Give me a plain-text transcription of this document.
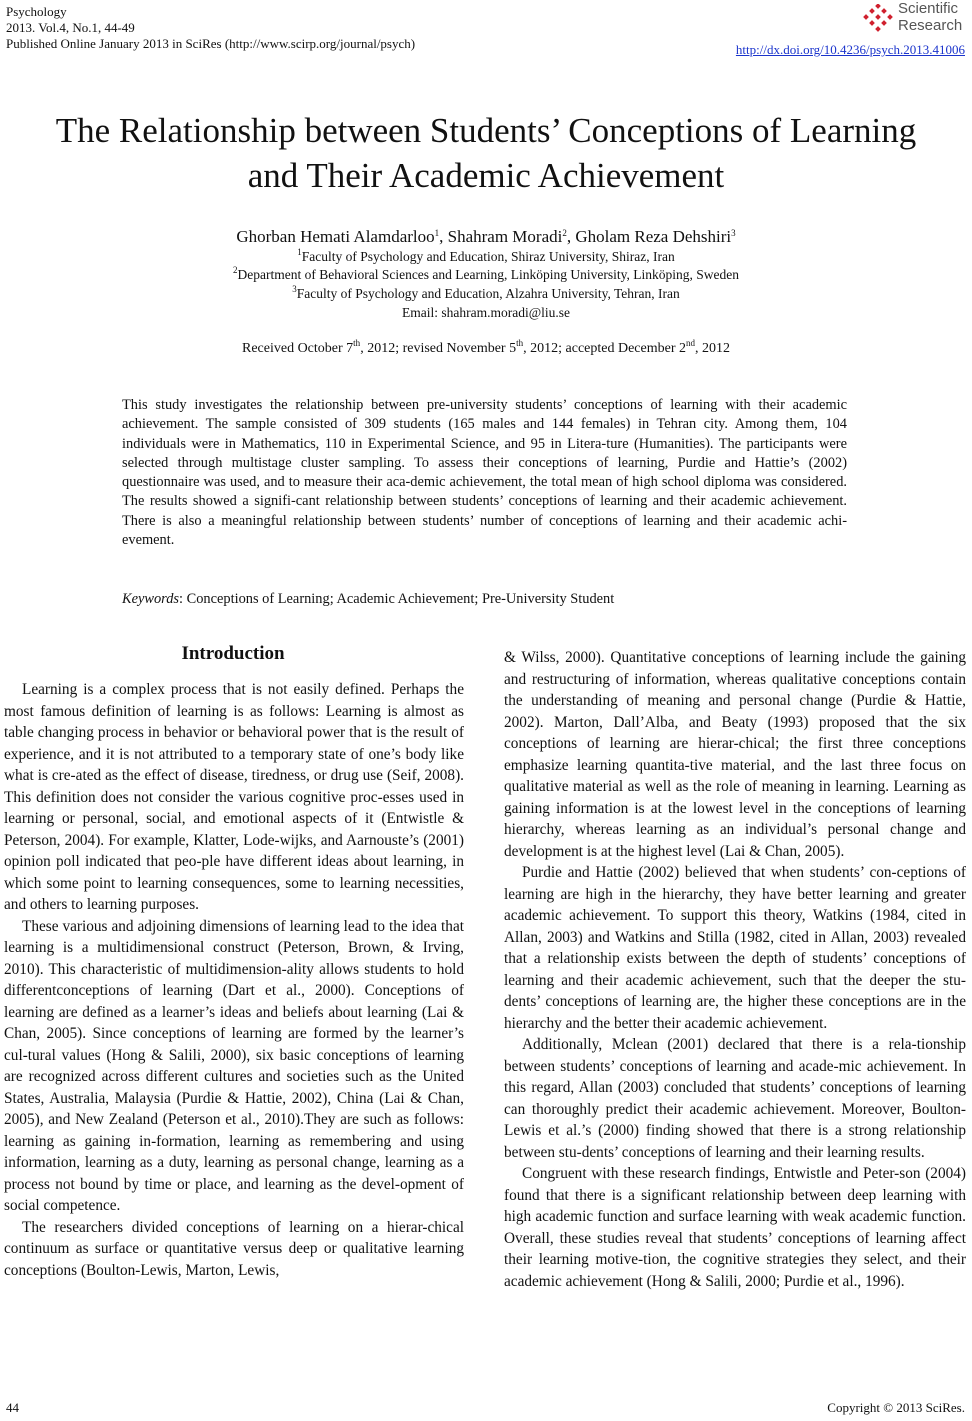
Psychology
2013. Vol.4, No.1, 44-49
Published Online January 2013 in SciRes (http://www.scirp.org/journal/psych)
Scientific
Research
http://dx.doi.org/10.4236/psych.2013.41006
The Relationship between Students’ Conceptions of Learning
and Their Academic Achievement
Ghorban Hemati Alamdarloo$^1$, Shahram Moradi$^2$, Gholam Reza Dehshiri$^3$
$^1$Faculty of Psychology and Education, Shiraz University, Shiraz, Iran
$^2$Department of Behavioral Sciences and Learning, Linköping University, Linköping, Sweden
$^3$Faculty of Psychology and Education, Alzahra University, Tehran, Iran
Email: shahram.moradi@liu.se
Received October 7th, 2012; revised November 5th, 2012; accepted December 2nd, 2012
This study investigates the relationship between pre-university students’ conceptions of learning with their academic achievement. The sample consisted of 309 students (165 males and 144 females) in Tehran city. Among them, 104 individuals were in Mathematics, 110 in Experimental Science, and 95 in Litera-ture (Humanities). The participants were selected through multistage cluster sampling. To assess their conceptions of learning, Purdie and Hattie’s (2002) questionnaire was used, and to measure their aca-demic achievement, the total mean of high school diploma was considered. The results showed a signifi-cant relationship between students’ conceptions of learning and their academic achievement. There is also a meaningful relationship between students’ number of conceptions of learning and their academic achi-evement.
Keywords: Conceptions of Learning; Academic Achievement; Pre-University Student
Introduction

Learning is a complex process that is not easily defined. Perhaps the most famous definition of learning is as follows: Learning is almost as table changing process in behavior or behavioral power that is the result of experience, and it is not attributed to a temporary state of one’s body like what is cre-ated as the effect of disease, tiredness, or drug use (Seif, 2008). This definition does not consider the various cognitive proc-esses used in learning or personal, social, and emotional aspects of it (Entwistle & Peterson, 2004). For example, Klatter, Lode-wijks, and Aarnouste’s (2001) opinion poll indicated that peo-ple have different ideas about learning, in which some point to learning consequences, some to learning necessities, and others to learning purposes.

These various and adjoining dimensions of learning lead to the idea that learning is a multidimensional construct (Peterson, Brown, & Irving, 2010). This characteristic of multidimension-ality allows students to hold differentconceptions of learning (Dart et al., 2000). Conceptions of learning are defined as a learner’s ideas and beliefs about learning (Lai & Chan, 2005). Since conceptions of learning are formed by the learner’s cul-tural values (Hong & Salili, 2000), six basic conceptions of learning are recognized across different cultures and societies such as the United States, Australia, Malaysia (Purdie & Hattie, 2002), China (Lai & Chan, 2005), and New Zealand (Peterson et al., 2010).They are such as follows: learning as gaining in-formation, learning as remembering and using information, learning as a duty, learning as personal change, learning as a process not bound by time or place, and learning as the devel-opment of social competence.

The researchers divided conceptions of learning on a hierar-chical continuum as surface or quantitative versus deep or qualitative learning conceptions (Boulton-Lewis, Marton, Lewis,

& Wilss, 2000). Quantitative conceptions of learning include the gaining and restructuring of information, whereas qualitative conceptions contain the understanding of meaning and personal change (Purdie & Hattie, 2002). Marton, Dall’Alba, and Beaty (1993) proposed that the six conceptions of learning are hierar-chical; the first three conceptions emphasize learning quantita-tive material, and the last three focus on qualitative material as well as the role of meaning in learning. Learning as gaining information is at the lowest level in the conceptions of learning hierarchy, whereas learning as an individual’s personal change and development is at the highest level (Lai & Chan, 2005).

Purdie and Hattie (2002) believed that when students’ con-ceptions of learning are high in the hierarchy, they have better learning and greater academic achievement. To support this theory, Watkins (1984, cited in Allan, 2003) and Watkins and Stilla (1982, cited in Allan, 2003) revealed that a relationship exists between the depth of students’ conceptions of learning and their academic achievement, such that the deeper the stu-dents’ conceptions of learning are, the higher these conceptions are in the hierarchy and the better their academic achievement.

Additionally, Mclean (2001) declared that there is a rela-tionship between students’ conceptions of learning and acade-mic achievement. In this regard, Allan (2003) concluded that students’ conceptions of learning can thoroughly predict their academic achievement. Moreover, Boulton-Lewis et al.’s (2000) finding showed that there is a strong relationship between stu-dents’ conceptions of learning and their learning results.

Congruent with these research findings, Entwistle and Peter-son (2004) found that there is a significant relationship between deep learning with high academic function and surface learning with weak academic function. Overall, these studies reveal that students’ conceptions of learning affect their learning motive-tion, the cognitive strategies they select, and their academic achievement (Hong & Salili, 2000; Purdie et al., 1996).

44	Copyright © 2013 SciRes.
